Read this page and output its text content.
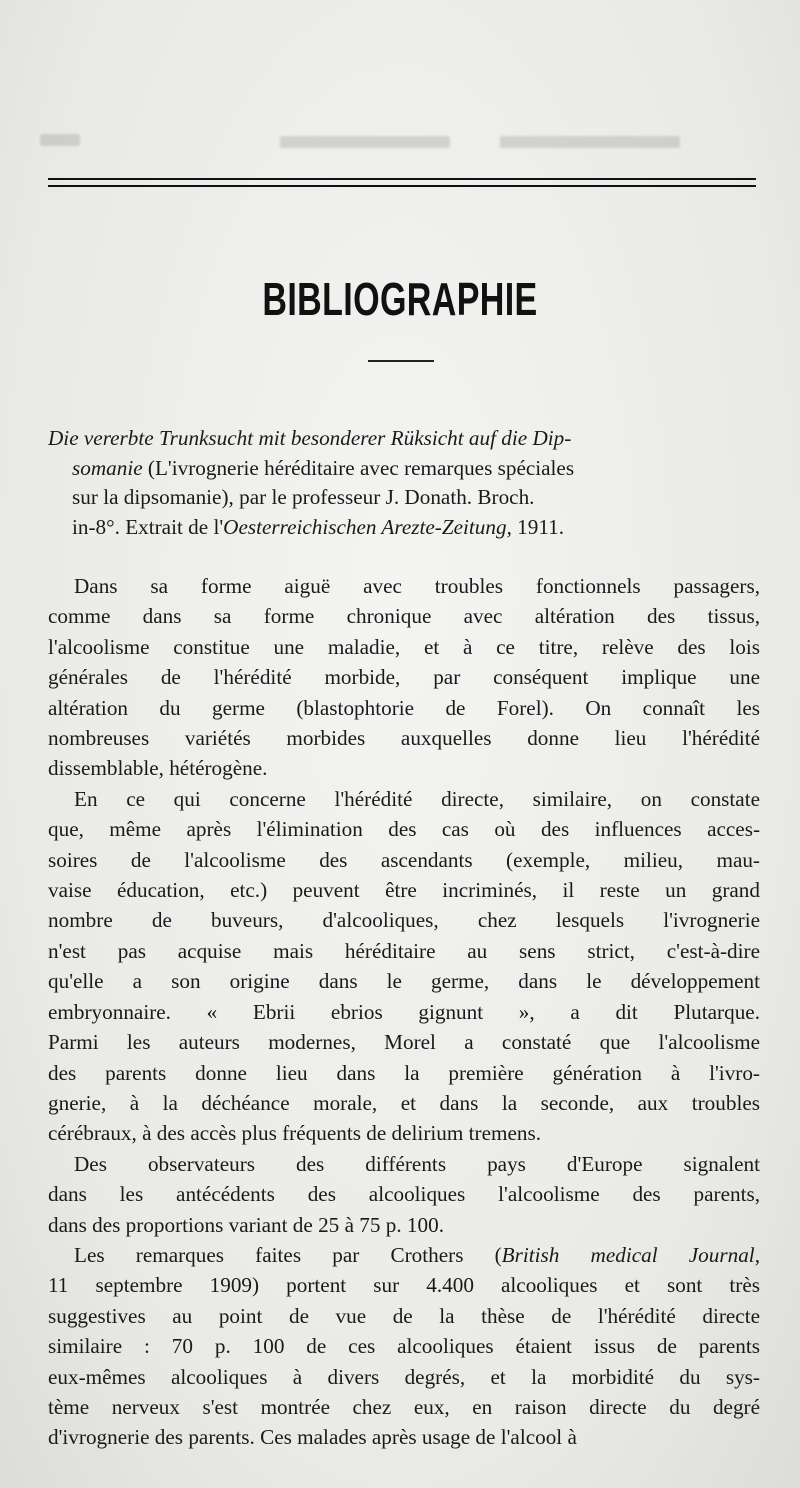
BIBLIOGRAPHIE
Die vererbte Trunksucht mit besonderer Rüksicht auf die Dip-
somanie (L'ivrognerie héréditaire avec remarques spéciales
sur la dipsomanie), par le professeur J. Donath. Broch.
in-8°. Extrait de l'Oesterreichischen Arezte-Zeitung, 1911.
Dans sa forme aiguë avec troubles fonctionnels passagers,
comme dans sa forme chronique avec altération des tissus,
l'alcoolisme constitue une maladie, et à ce titre, relève des lois
générales de l'hérédité morbide, par conséquent implique une
altération du germe (blastophtorie de Forel). On connaît les
nombreuses variétés morbides auxquelles donne lieu l'hérédité
dissemblable, hétérogène.
En ce qui concerne l'hérédité directe, similaire, on constate
que, même après l'élimination des cas où des influences acces-
soires de l'alcoolisme des ascendants (exemple, milieu, mau-
vaise éducation, etc.) peuvent être incriminés, il reste un grand
nombre de buveurs, d'alcooliques, chez lesquels l'ivrognerie
n'est pas acquise mais héréditaire au sens strict, c'est-à-dire
qu'elle a son origine dans le germe, dans le développement
embryonnaire. « Ebrii ebrios gignunt », a dit Plutarque.
Parmi les auteurs modernes, Morel a constaté que l'alcoolisme
des parents donne lieu dans la première génération à l'ivro-
gnerie, à la déchéance morale, et dans la seconde, aux troubles
cérébraux, à des accès plus fréquents de delirium tremens.
Des observateurs des différents pays d'Europe signalent
dans les antécédents des alcooliques l'alcoolisme des parents,
dans des proportions variant de 25 à 75 p. 100.
Les remarques faites par Crothers (British medical Journal,
11 septembre 1909) portent sur 4.400 alcooliques et sont très
suggestives au point de vue de la thèse de l'hérédité directe
similaire : 70 p. 100 de ces alcooliques étaient issus de parents
eux-mêmes alcooliques à divers degrés, et la morbidité du sys-
tème nerveux s'est montrée chez eux, en raison directe du degré
d'ivrognerie des parents. Ces malades après usage de l'alcool à
